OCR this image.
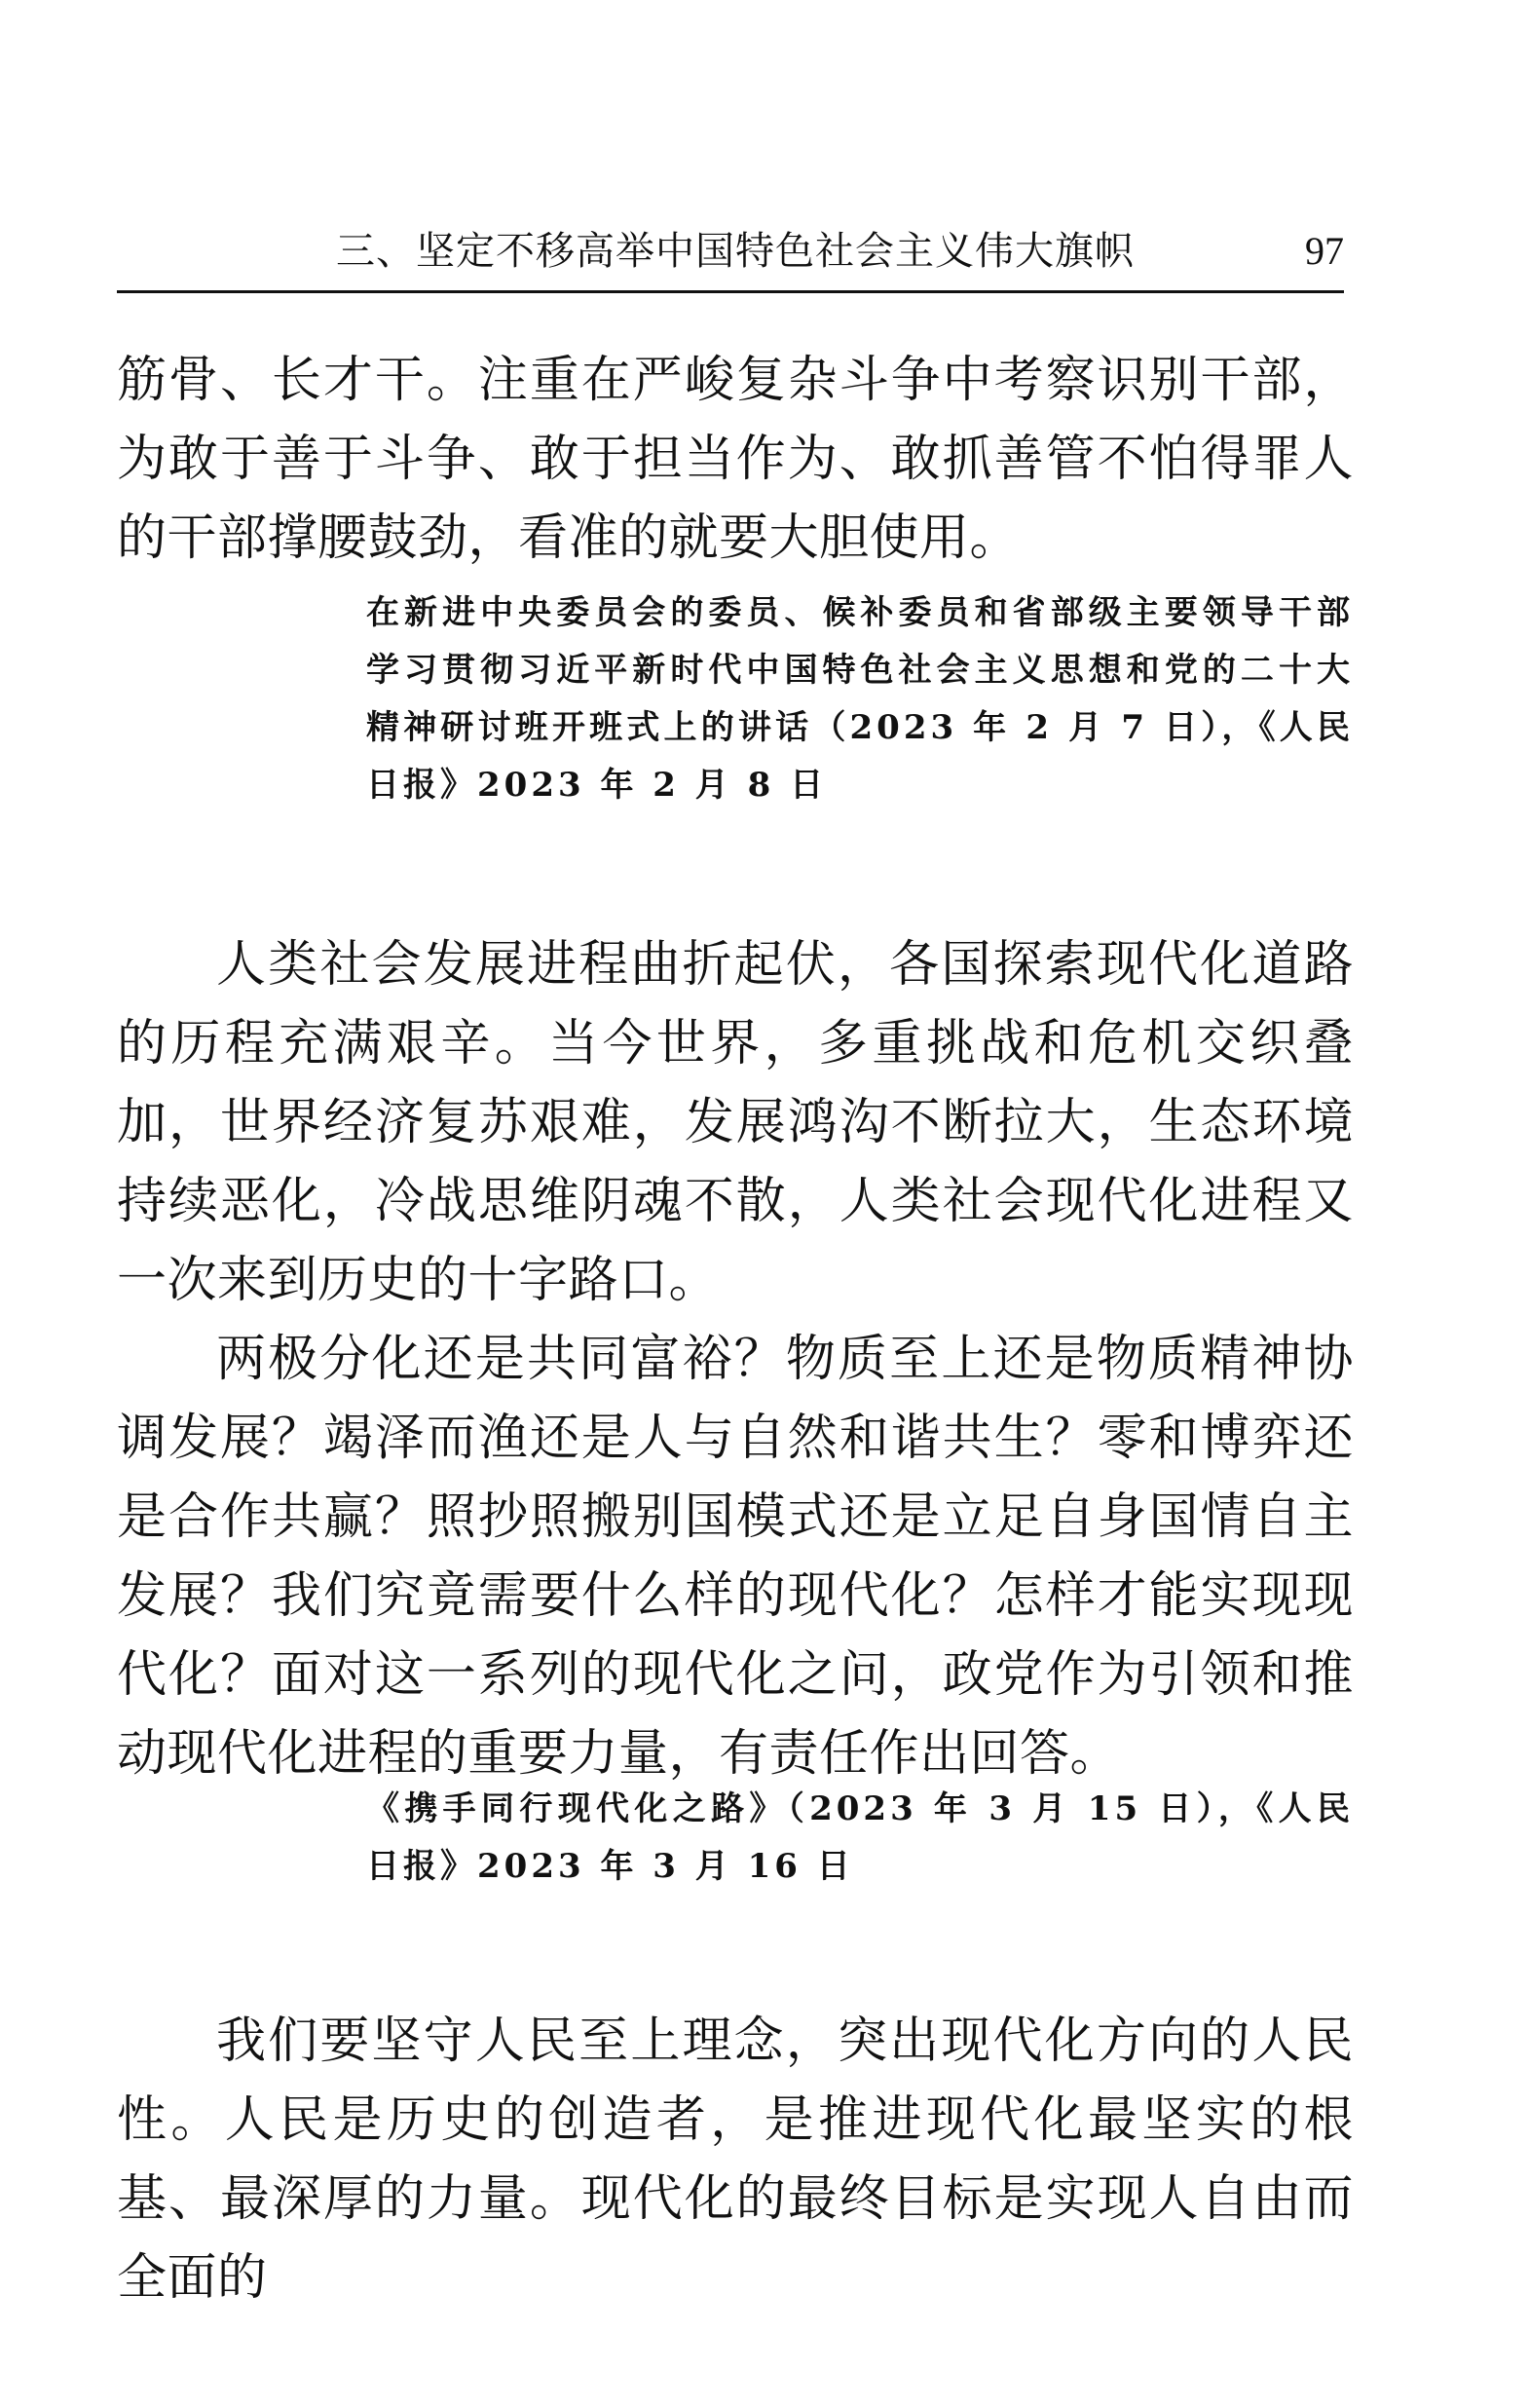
三、坚定不移高举中国特色社会主义伟大旗帜	97

筋骨、长才干。注重在严峻复杂斗争中考察识别干部，为敢于善于斗争、敢于担当作为、敢抓善管不怕得罪人的干部撑腰鼓劲，看准的就要大胆使用。

在新进中央委员会的委员、候补委员和省部级主要领导干部学习贯彻习近平新时代中国特色社会主义思想和党的二十大精神研讨班开班式上的讲话（2023 年 2 月 7 日），《人民日报》2023 年 2 月 8 日

人类社会发展进程曲折起伏，各国探索现代化道路的历程充满艰辛。当今世界，多重挑战和危机交织叠加，世界经济复苏艰难，发展鸿沟不断拉大，生态环境持续恶化，冷战思维阴魂不散，人类社会现代化进程又一次来到历史的十字路口。

两极分化还是共同富裕？物质至上还是物质精神协调发展？竭泽而渔还是人与自然和谐共生？零和博弈还是合作共赢？照抄照搬别国模式还是立足自身国情自主发展？我们究竟需要什么样的现代化？怎样才能实现现代化？面对这一系列的现代化之问，政党作为引领和推动现代化进程的重要力量，有责任作出回答。

《携手同行现代化之路》（2023 年 3 月 15 日），《人民日报》2023 年 3 月 16 日

我们要坚守人民至上理念，突出现代化方向的人民性。人民是历史的创造者，是推进现代化最坚实的根基、最深厚的力量。现代化的最终目标是实现人自由而全面的
